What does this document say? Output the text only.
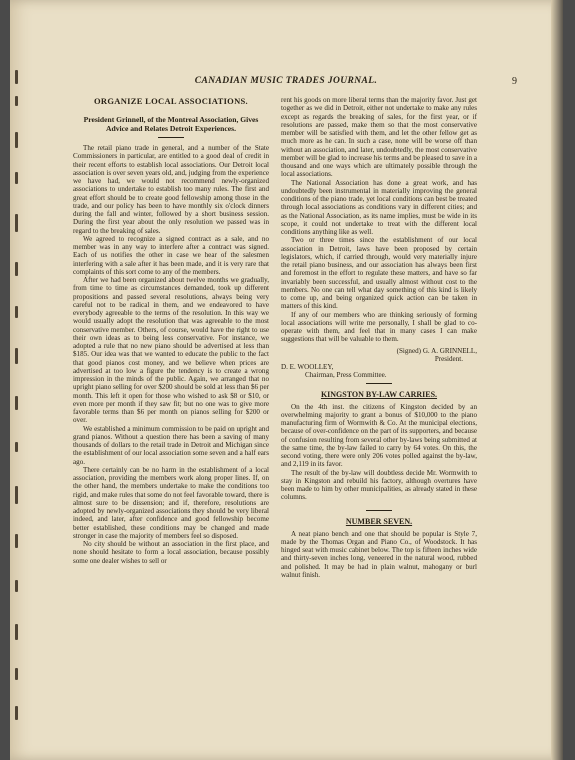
CANADIAN MUSIC TRADES JOURNAL.	9
ORGANIZE LOCAL ASSOCIATIONS.
President Grinnell, of the Montreal Association, Gives Advice and Relates Detroit Experiences.

The retail piano trade in general, and a number of the State Commissioners in particular, are entitled to a good deal of credit in their recent efforts to establish local associations. Our Detroit local association is over seven years old, and, judging from the experience we have had, we would not recommend newly-organized associations to undertake to establish too many rules. The first and great effort should be to create good fellowship among those in the trade, and our policy has been to have monthly six o'clock dinners during the fall and winter, followed by a short business session. During the first year about the only resolution we passed was in regard to the breaking of sales.

We agreed to recognize a signed contract as a sale, and no member was in any way to interfere after a contract was signed. Each of us notifies the other in case we hear of the salesmen interfering with a sale after it has been made, and it is very rare that complaints of this sort come to any of the members.

After we had been organized about twelve months we gradually, from time to time as circumstances demanded, took up different propositions and passed several resolutions, always being very careful not to be radical in them, and we endeavored to have everybody agreeable to the terms of the resolution. In this way we would usually adopt the resolution that was agreeable to the most conservative member. Others, of course, would have the right to use their own ideas as to being less conservative. For instance, we adopted a rule that no new piano should be advertised at less than $185. Our idea was that we wanted to educate the public to the fact that good pianos cost money, and we believe when prices are advertised at too low a figure the tendency is to create a wrong impression in the minds of the public. Again, we arranged that no upright piano selling for over $200 should be sold at less than $6 per month. This left it open for those who wished to ask $8 or $10, or even more per month if they saw fit; but no one was to give more favorable terms than $6 per month on pianos selling for $200 or over.

We established a minimum commission to be paid on upright and grand pianos. Without a question there has been a saving of many thousands of dollars to the retail trade in Detroit and Michigan since the establishment of our local association some seven and a half ears ago.

There certainly can be no harm in the establishment of a local association, providing the members work along proper lines. If, on the other hand, the members undertake to make the conditions too rigid, and make rules that some do not feel favorable toward, there is almost sure to be dissension; and if, therefore, resolutions are adopted by newly-organized associations they should be very liberal indeed, and later, after confidence and good fellowship become better established, these conditions may be changed and made stronger in case the majority of members feel so disposed.

No city should be without an association in the first place, and none should hesitate to form a local association, because possibly some one dealer wishes to sell or

rent his goods on more liberal terms than the majority favor. Just get together as we did in Detroit, either not undertake to make any rules except as regards the breaking of sales, for the first year, or if resolutions are passed, make them so that the most conservative member will be satisfied with them, and let the other fellow get as much more as he can. In such a case, none will be worse off than without an association, and later, undoubtedly, the most conservative member will be glad to increase his terms and be pleased to save in a thousand and one ways which are ultimately possible through the local associations.

The National Association has done a great work, and has undoubtedly been instrumental in materially improving the general conditions of the piano trade, yet local conditions can best be treated through local associations as conditions vary in different cities; and as the National Association, as its name implies, must be wide in its scope, it could not undertake to treat with the different local conditions anything like as well.

Two or three times since the establishment of our local association in Detroit, laws have been proposed by certain legislators, which, if carried through, would very materially injure the retail piano business, and our association has always been first and foremost in the effort to regulate these matters, and have so far invariably been successful, and usually almost without cost to the members. No one can tell what day something of this kind is likely to come up, and being organized quick action can be taken in matters of this kind.

If any of our members who are thinking seriously of forming local associations will write me personally, I shall be glad to co-operate with them, and feel that in many cases I can make suggestions that will be valuable to them.

(Signed) G. A. GRINNELL,

President.

D. E. WOOLLEY,

Chairman, Press Committee.

KINGSTON BY-LAW CARRIES.

On the 4th inst. the citizens of Kingston decided by an overwhelming majority to grant a bonus of $10,000 to the piano manufacturing firm of Wormwith & Co. At the municipal elections, because of over-confidence on the part of its supporters, and because of confusion resulting from several other by-laws being submitted at the same time, the by-law failed to carry by 64 votes. On this, the second voting, there were only 206 votes polled against the by-law, and 2,119 in its favor.

The result of the by-law will doubtless decide Mr. Wormwith to stay in Kingston and rebuild his factory, although overtures have been made to him by other municipalities, as already stated in these columns.

NUMBER SEVEN.

A neat piano bench and one that should be popular is Style 7, made by the Thomas Organ and Piano Co., of Woodstock. It has hinged seat with music cabinet below. The top is fifteen inches wide and thirty-seven inches long, veneered in the natural wood, rubbed and polished. It may be had in plain walnut, mahogany or burl walnut finish.
